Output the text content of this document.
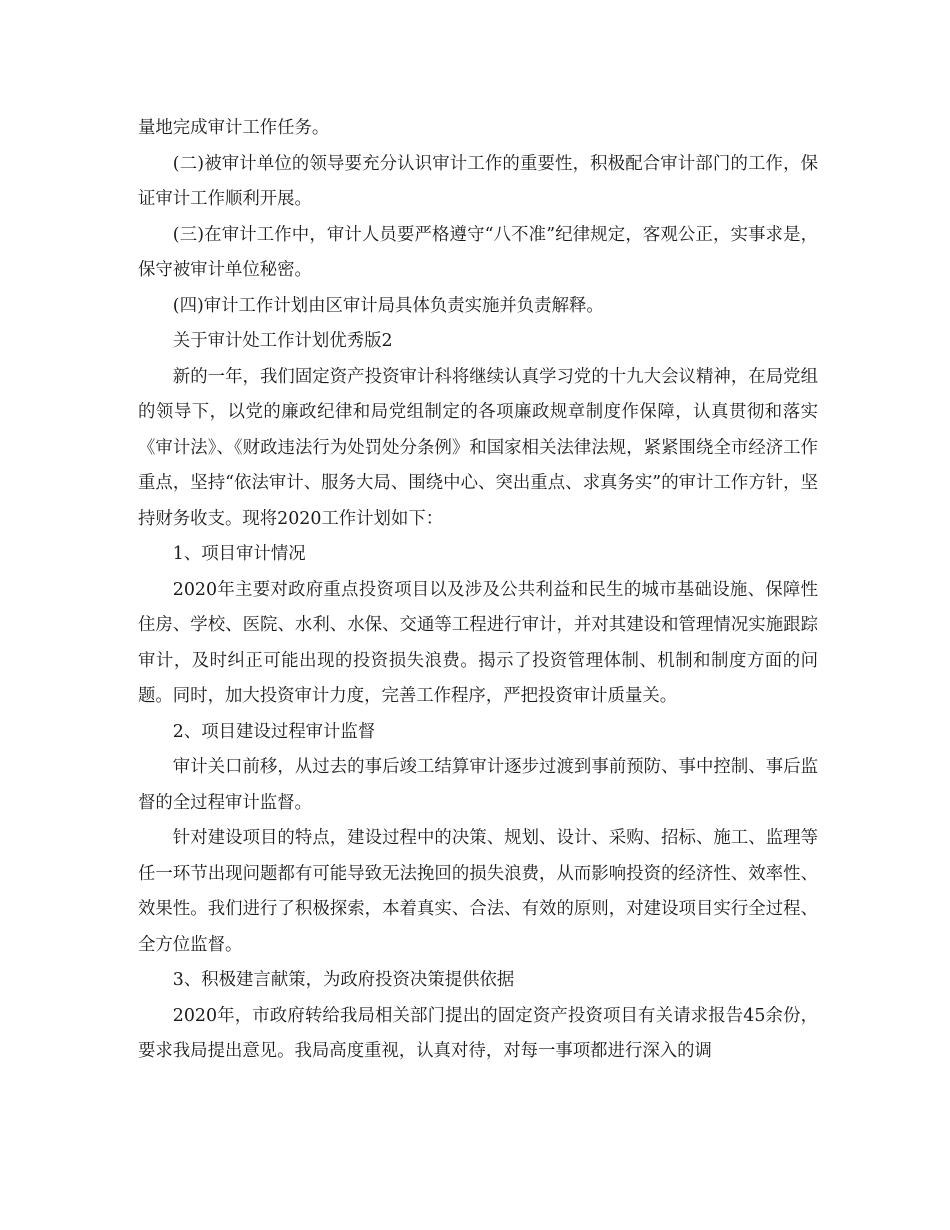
量地完成审计工作任务。

(二)被审计单位的领导要充分认识审计工作的重要性，积极配合审计部门的工作，保证审计工作顺利开展。

(三)在审计工作中，审计人员要严格遵守“八不准”纪律规定，客观公正，实事求是，保守被审计单位秘密。

(四)审计工作计划由区审计局具体负责实施并负责解释。

关于审计处工作计划优秀版2

新的一年，我们固定资产投资审计科将继续认真学习党的十九大会议精神，在局党组的领导下，以党的廉政纪律和局党组制定的各项廉政规章制度作保障，认真贯彻和落实《审计法》、《财政违法行为处罚处分条例》和国家相关法律法规，紧紧围绕全市经济工作重点，坚持“依法审计、服务大局、围绕中心、突出重点、求真务实”的审计工作方针，坚持财务收支。现将2020工作计划如下：

1、项目审计情况

2020年主要对政府重点投资项目以及涉及公共利益和民生的城市基础设施、保障性住房、学校、医院、水利、水保、交通等工程进行审计，并对其建设和管理情况实施跟踪审计，及时纠正可能出现的投资损失浪费。揭示了投资管理体制、机制和制度方面的问题。同时，加大投资审计力度，完善工作程序，严把投资审计质量关。

2、项目建设过程审计监督

审计关口前移，从过去的事后竣工结算审计逐步过渡到事前预防、事中控制、事后监督的全过程审计监督。

针对建设项目的特点，建设过程中的决策、规划、设计、采购、招标、施工、监理等任一环节出现问题都有可能导致无法挽回的损失浪费，从而影响投资的经济性、效率性、效果性。我们进行了积极探索，本着真实、合法、有效的原则，对建设项目实行全过程、全方位监督。

3、积极建言献策，为政府投资决策提供依据

2020年，市政府转给我局相关部门提出的固定资产投资项目有关请求报告45余份，要求我局提出意见。我局高度重视，认真对待，对每一事项都进行深入的调
